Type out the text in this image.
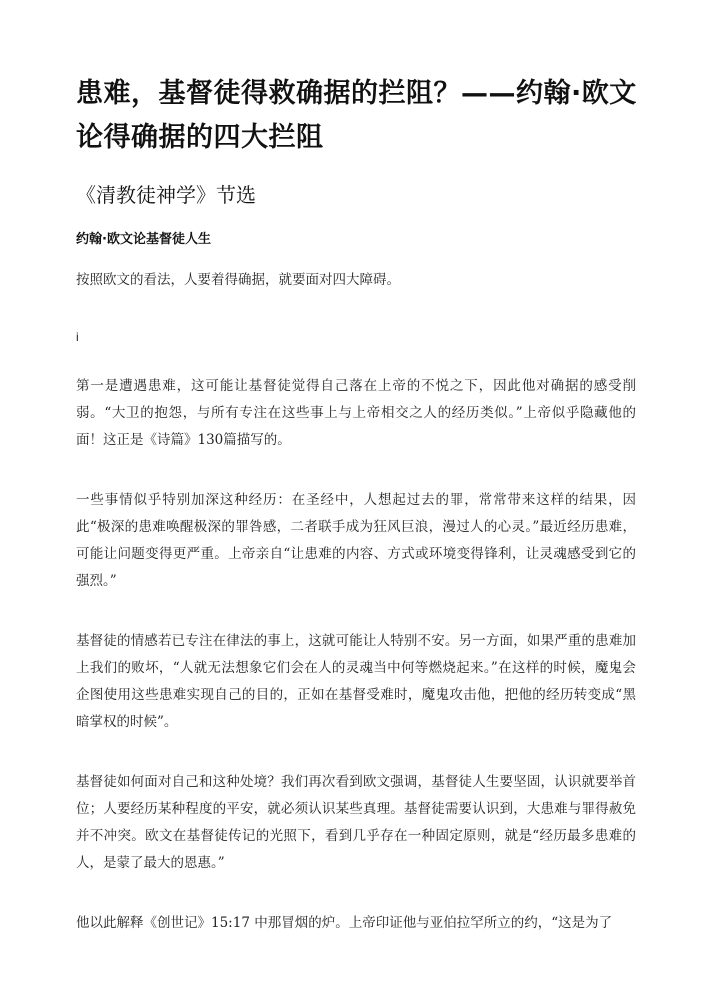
患难，基督徒得救确据的拦阻？——约翰·欧文论得确据的四大拦阻
《清教徒神学》节选
约翰·欧文论基督徒人生

按照欧文的看法，人要着得确据，就要面对四大障碍。

i

第一是遭遇患难，这可能让基督徒觉得自己落在上帝的不悦之下，因此他对确据的感受削弱。“大卫的抱怨，与所有专注在这些事上与上帝相交之人的经历类似。”上帝似乎隐藏他的面！这正是《诗篇》130篇描写的。

一些事情似乎特别加深这种经历：在圣经中，人想起过去的罪，常常带来这样的结果，因此“极深的患难唤醒极深的罪咎感，二者联手成为狂风巨浪，漫过人的心灵。”最近经历患难，可能让问题变得更严重。上帝亲自“让患难的内容、方式或环境变得锋利，让灵魂感受到它的强烈。”

基督徒的情感若已专注在律法的事上，这就可能让人特别不安。另一方面，如果严重的患难加上我们的败坏，“人就无法想象它们会在人的灵魂当中何等燃烧起来。”在这样的时候，魔鬼会企图使用这些患难实现自己的目的，正如在基督受难时，魔鬼攻击他，把他的经历转变成“黑暗掌权的时候”。

基督徒如何面对自己和这种处境？我们再次看到欧文强调，基督徒人生要坚固，认识就要举首位；人要经历某种程度的平安，就必须认识某些真理。基督徒需要认识到，大患难与罪得赦免并不冲突。欧文在基督徒传记的光照下，看到几乎存在一种固定原则，就是“经历最多患难的人，是蒙了最大的恩惠。”

他以此解释《创世记》15:17 中那冒烟的炉。上帝印证他与亚伯拉罕所立的约，“这是为了
